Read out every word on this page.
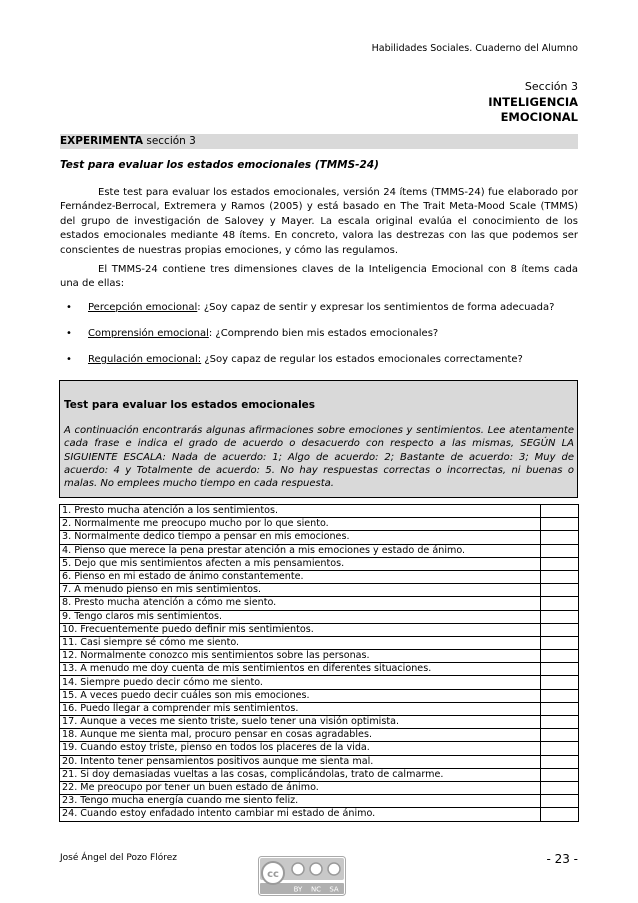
Habilidades Sociales. Cuaderno del Alumno
Sección 3
INTELIGENCIA
EMOCIONAL
EXPERIMENTA sección 3
Test para evaluar los estados emocionales (TMMS-24)
Este test para evaluar los estados emocionales, versión 24 ítems (TMMS-24) fue elaborado por Fernández-Berrocal, Extremera y Ramos (2005) y está basado en The Trait Meta-Mood Scale (TMMS) del grupo de investigación de Salovey y Mayer. La escala original evalúa el conocimiento de los estados emocionales mediante 48 ítems. En concreto, valora las destrezas con las que podemos ser conscientes de nuestras propias emociones, y cómo las regulamos.
El TMMS-24 contiene tres dimensiones claves de la Inteligencia Emocional con 8 ítems cada una de ellas:
• Percepción emocional: ¿Soy capaz de sentir y expresar los sentimientos de forma adecuada?
• Comprensión emocional: ¿Comprendo bien mis estados emocionales?
• Regulación emocional: ¿Soy capaz de regular los estados emocionales correctamente?
Test para evaluar los estados emocionales
A continuación encontrarás algunas afirmaciones sobre emociones y sentimientos. Lee atentamente cada frase e indica el grado de acuerdo o desacuerdo con respecto a las mismas, SEGÚN LA SIGUIENTE ESCALA: Nada de acuerdo: 1; Algo de acuerdo: 2; Bastante de acuerdo: 3; Muy de acuerdo: 4 y Totalmente de acuerdo: 5. No hay respuestas correctas o incorrectas, ni buenas o malas. No emplees mucho tiempo en cada respuesta.
1. Presto mucha atención a los sentimientos.	
2. Normalmente me preocupo mucho por lo que siento.	
3. Normalmente dedico tiempo a pensar en mis emociones.	
4. Pienso que merece la pena prestar atención a mis emociones y estado de ánimo.	
5. Dejo que mis sentimientos afecten a mis pensamientos.	
6. Pienso en mi estado de ánimo constantemente.	
7. A menudo pienso en mis sentimientos.	
8. Presto mucha atención a cómo me siento.	
9. Tengo claros mis sentimientos.	
10. Frecuentemente puedo definir mis sentimientos.	
11. Casi siempre sé cómo me siento.	
12. Normalmente conozco mis sentimientos sobre las personas.	
13. A menudo me doy cuenta de mis sentimientos en diferentes situaciones.	
14. Siempre puedo decir cómo me siento.	
15. A veces puedo decir cuáles son mis emociones.	
16. Puedo llegar a comprender mis sentimientos.	
17. Aunque a veces me siento triste, suelo tener una visión optimista.	
18. Aunque me sienta mal, procuro pensar en cosas agradables.	
19. Cuando estoy triste, pienso en todos los placeres de la vida.	
20. Intento tener pensamientos positivos aunque me sienta mal.	
21. Si doy demasiadas vueltas a las cosas, complicándolas, trato de calmarme.	
22. Me preocupo por tener un buen estado de ánimo.	
23. Tengo mucha energía cuando me siento feliz.	
24. Cuando estoy enfadado intento cambiar mi estado de ánimo.	
José Ángel del Pozo Flórez
cc
BY NC SA
- 23 -
